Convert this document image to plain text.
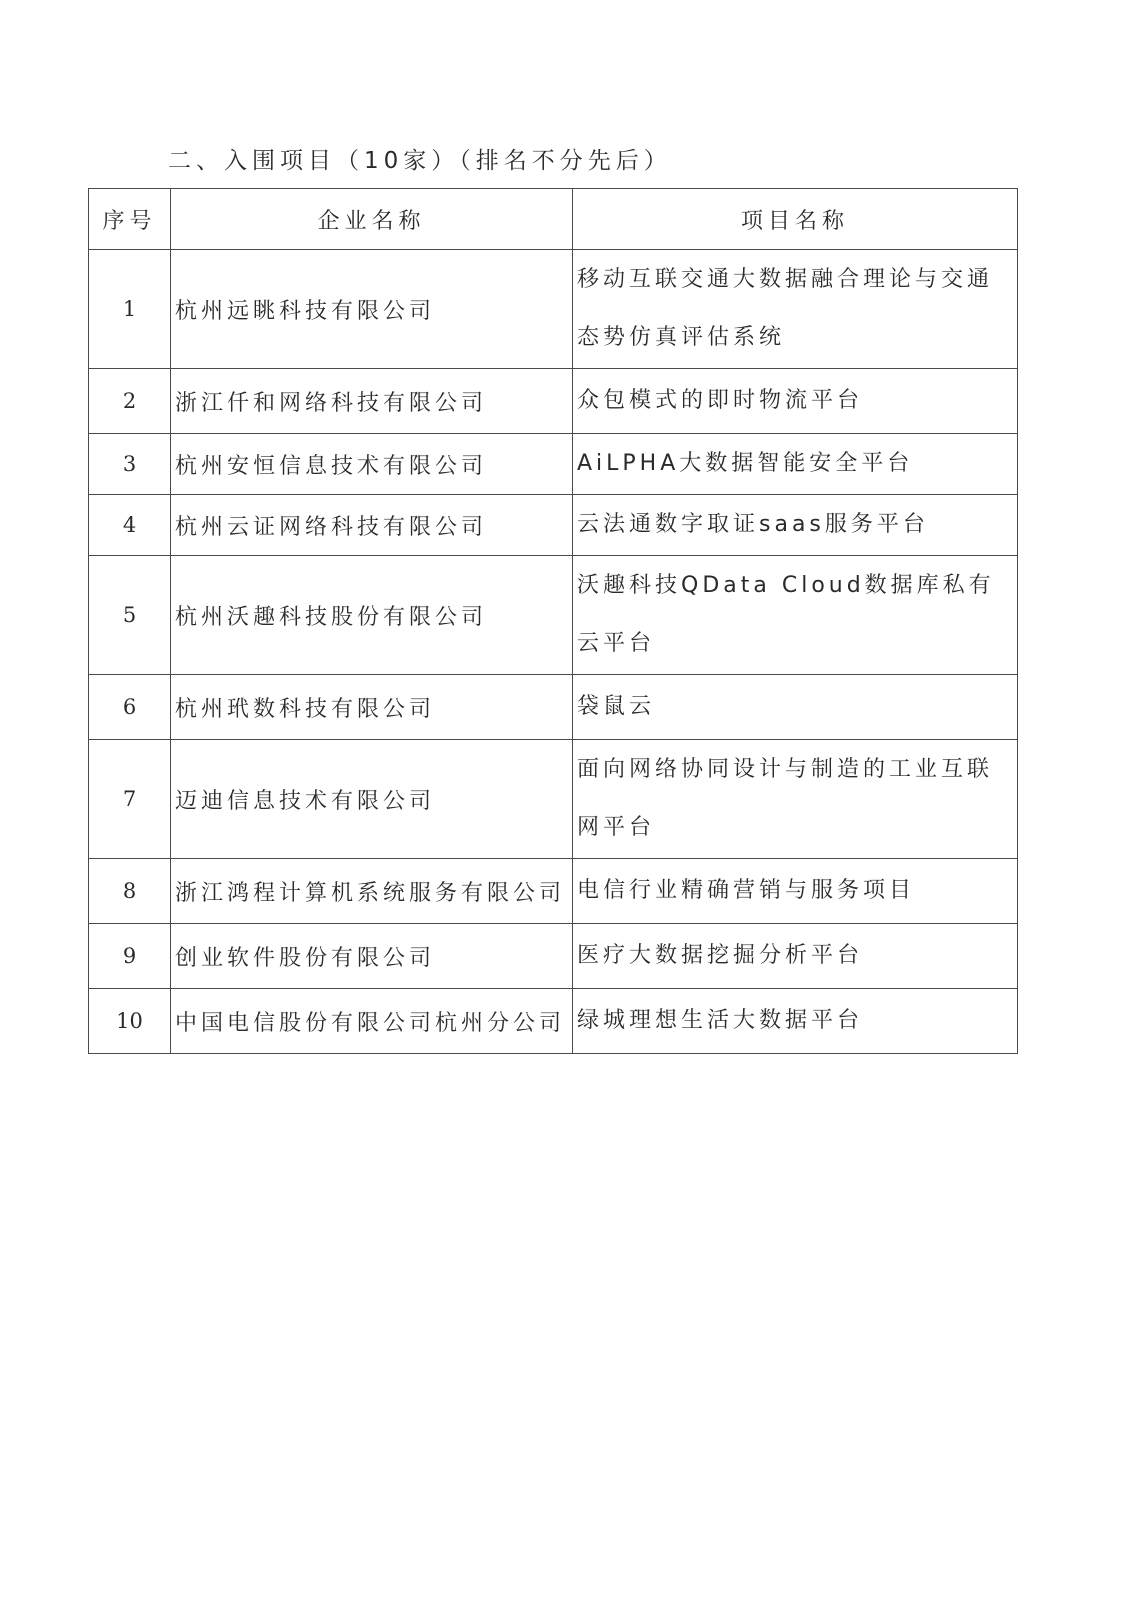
二、入围项目（10家）（排名不分先后）
序号	企业名称	项目名称
1	杭州远眺科技有限公司	移动互联交通大数据融合理论与交通态势仿真评估系统
2	浙江仟和网络科技有限公司	众包模式的即时物流平台
3	杭州安恒信息技术有限公司	AiLPHA大数据智能安全平台
4	杭州云证网络科技有限公司	云法通数字取证saas服务平台
5	杭州沃趣科技股份有限公司	沃趣科技QData Cloud数据库私有云平台
6	杭州玳数科技有限公司	袋鼠云
7	迈迪信息技术有限公司	面向网络协同设计与制造的工业互联网平台
8	浙江鸿程计算机系统服务有限公司	电信行业精确营销与服务项目
9	创业软件股份有限公司	医疗大数据挖掘分析平台
10	中国电信股份有限公司杭州分公司	绿城理想生活大数据平台
